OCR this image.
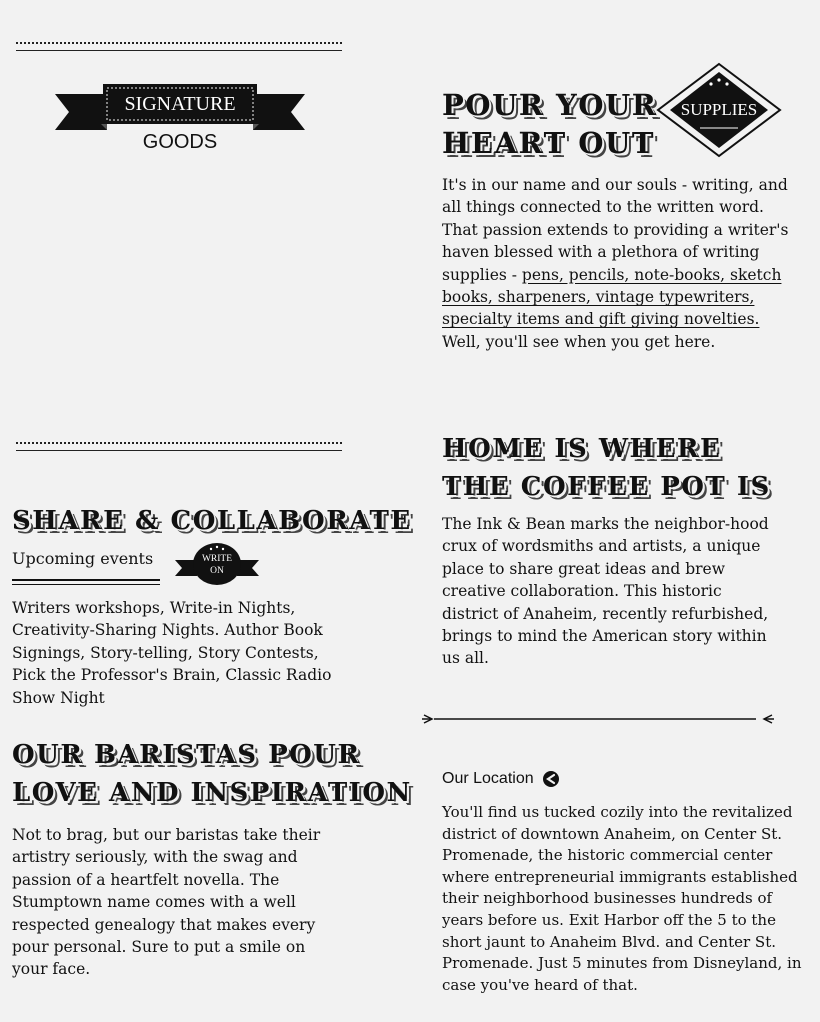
SIGNATURE
GOODS

POUR YOUR

HEART OUT

SUPPLIES
It's in our name and our souls - writing, and all things connected to the written word. That passion extends to providing a writer's haven blessed with a plethora of writing supplies - pens, pencils, note-books, sketch books, sharpeners, vintage typewriters, specialty items and gift giving novelties. Well, you'll see when you get here.

SHARE & COLLABORATE

Upcoming events	WRITE
ON
Writers workshops, Write-in Nights, Creativity-Sharing Nights. Author Book Signings, Story-telling, Story Contests, Pick the Professor's Brain, Classic Radio Show Night

OUR BARISTAS POUR

LOVE AND INSPIRATION

Not to brag, but our baristas take their artistry seriously, with the swag and passion of a heartfelt novella. The Stumptown name comes with a well respected genealogy that makes every pour personal. Sure to put a smile on your face.

HOME IS WHERE

THE COFFEE POT IS

The Ink & Bean marks the neighbor-hood crux of wordsmiths and artists, a unique place to share great ideas and brew creative collaboration. This historic district of Anaheim, recently refurbished, brings to mind the American story within us all.
Our Location
You'll find us tucked cozily into the revitalized district of downtown Anaheim, on Center St. Promenade, the historic commercial center where entrepreneurial immigrants established their neighborhood businesses hundreds of years before us. Exit Harbor off the 5 to the short jaunt to Anaheim Blvd. and Center St. Promenade. Just 5 minutes from Disneyland, in case you've heard of that.
